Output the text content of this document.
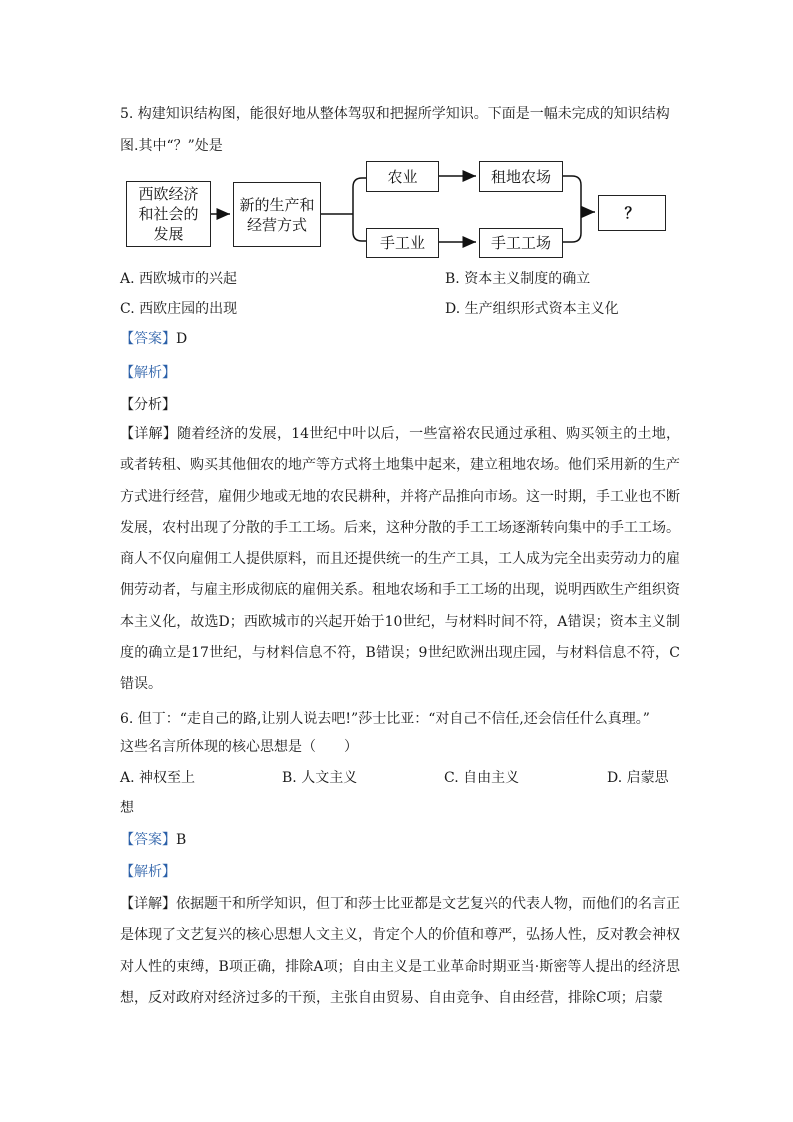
5. 构建知识结构图，能很好地从整体驾驭和把握所学知识。下面是一幅未完成的知识结构
图.其中“？”处是
西欧经济
和社会的
发展
新的生产和
经营方式
农业	租地农场
手工业	手工工场
？
A. 西欧城市的兴起	B. 资本主义制度的确立
C. 西欧庄园的出现	D. 生产组织形式资本主义化
【答案】D
【解析】
【分析】
【详解】随着经济的发展，14世纪中叶以后，一些富裕农民通过承租、购买领主的土地，或者转租、购买其他佃农的地产等方式将土地集中起来，建立租地农场。他们采用新的生产方式进行经营，雇佣少地或无地的农民耕种，并将产品推向市场。这一时期，手工业也不断发展，农村出现了分散的手工工场。后来，这种分散的手工工场逐渐转向集中的手工工场。商人不仅向雇佣工人提供原料，而且还提供统一的生产工具，工人成为完全出卖劳动力的雇佣劳动者，与雇主形成彻底的雇佣关系。租地农场和手工工场的出现，说明西欧生产组织资本主义化，故选D；西欧城市的兴起开始于10世纪，与材料时间不符，A错误；资本主义制度的确立是17世纪，与材料信息不符，B错误；9世纪欧洲出现庄园，与材料信息不符，C错误。
6. 但丁：“走自己的路,让别人说去吧!”莎士比亚：“对自己不信任,还会信任什么真理。”
这些名言所体现的核心思想是（　　）
A. 神权至上	B. 人文主义	C. 自由主义	D. 启蒙思
想
【答案】B
【解析】
【详解】依据题干和所学知识，但丁和莎士比亚都是文艺复兴的代表人物，而他们的名言正是体现了文艺复兴的核心思想人文主义，肯定个人的价值和尊严，弘扬人性，反对教会神权对人性的束缚，B项正确，排除A项；自由主义是工业革命时期亚当·斯密等人提出的经济思想，反对政府对经济过多的干预，主张自由贸易、自由竞争、自由经营，排除C项；启蒙
